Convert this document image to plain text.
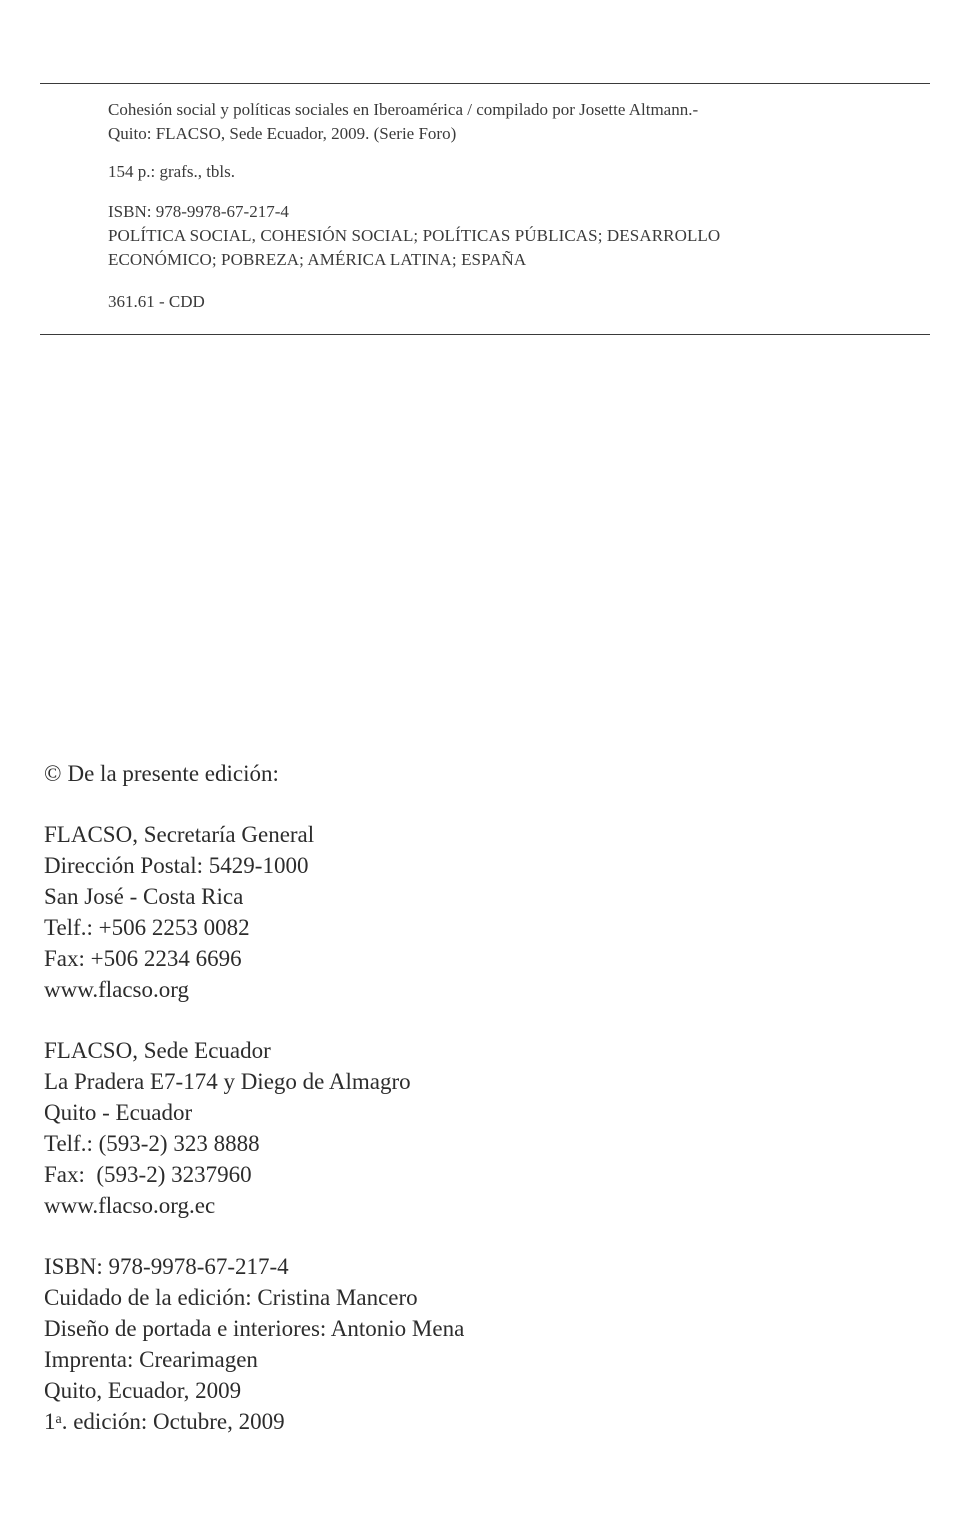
Cohesión social y políticas sociales en Iberoamérica / compilado por Josette Altmann.-
Quito: FLACSO, Sede Ecuador, 2009. (Serie Foro)
154 p.: grafs., tbls.
ISBN: 978-9978-67-217-4
POLÍTICA SOCIAL, COHESIÓN SOCIAL; POLÍTICAS PÚBLICAS; DESARROLLO
ECONÓMICO; POBREZA; AMÉRICA LATINA; ESPAÑA
361.61 - CDD
© De la presente edición:
FLACSO, Secretaría General
Dirección Postal: 5429-1000
San José - Costa Rica
Telf.: +506 2253 0082
Fax: +506 2234 6696
www.flacso.org
FLACSO, Sede Ecuador
La Pradera E7-174 y Diego de Almagro
Quito - Ecuador
Telf.: (593-2) 323 8888
Fax:  (593-2) 3237960
www.flacso.org.ec
ISBN: 978-9978-67-217-4
Cuidado de la edición: Cristina Mancero
Diseño de portada e interiores: Antonio Mena
Imprenta: Crearimagen
Quito, Ecuador, 2009
1$^a$. edición: Octubre, 2009
